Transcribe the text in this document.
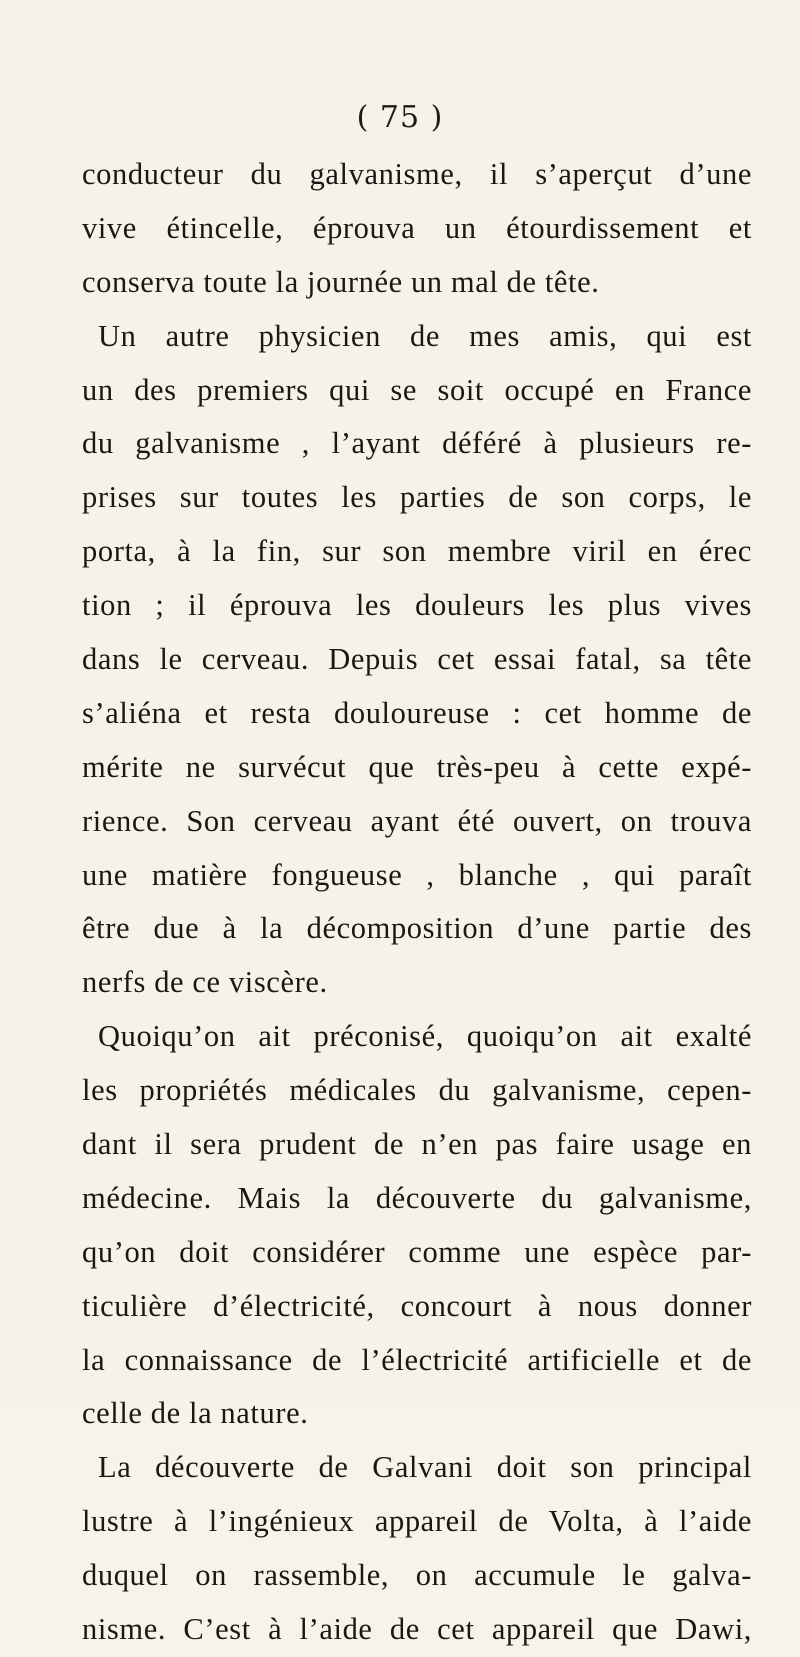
( 75 )
conducteur du galvanisme, il s’aperçut d’une
vive étincelle, éprouva un étourdissement et
conserva toute la journée un mal de tête.
Un autre physicien de mes amis, qui est
un des premiers qui se soit occupé en France
du galvanisme , l’ayant déféré à plusieurs re-
prises sur toutes les parties de son corps, le
porta, à la fin, sur son membre viril en érec
tion ; il éprouva les douleurs les plus vives
dans le cerveau. Depuis cet essai fatal, sa tête
s’aliéna et resta douloureuse : cet homme de
mérite ne survécut que très-peu à cette expé-
rience. Son cerveau ayant été ouvert, on trouva
une matière fongueuse , blanche , qui paraît
être due à la décomposition d’une partie des
nerfs de ce viscère.
Quoiqu’on ait préconisé, quoiqu’on ait exalté
les propriétés médicales du galvanisme, cepen-
dant il sera prudent de n’en pas faire usage en
médecine. Mais la découverte du galvanisme,
qu’on doit considérer comme une espèce par-
ticulière d’électricité, concourt à nous donner
la connaissance de l’électricité artificielle et de
celle de la nature.
La découverte de Galvani doit son principal
lustre à l’ingénieux appareil de Volta, à l’aide
duquel on rassemble, on accumule le galva-
nisme. C’est à l’aide de cet appareil que Dawi,
